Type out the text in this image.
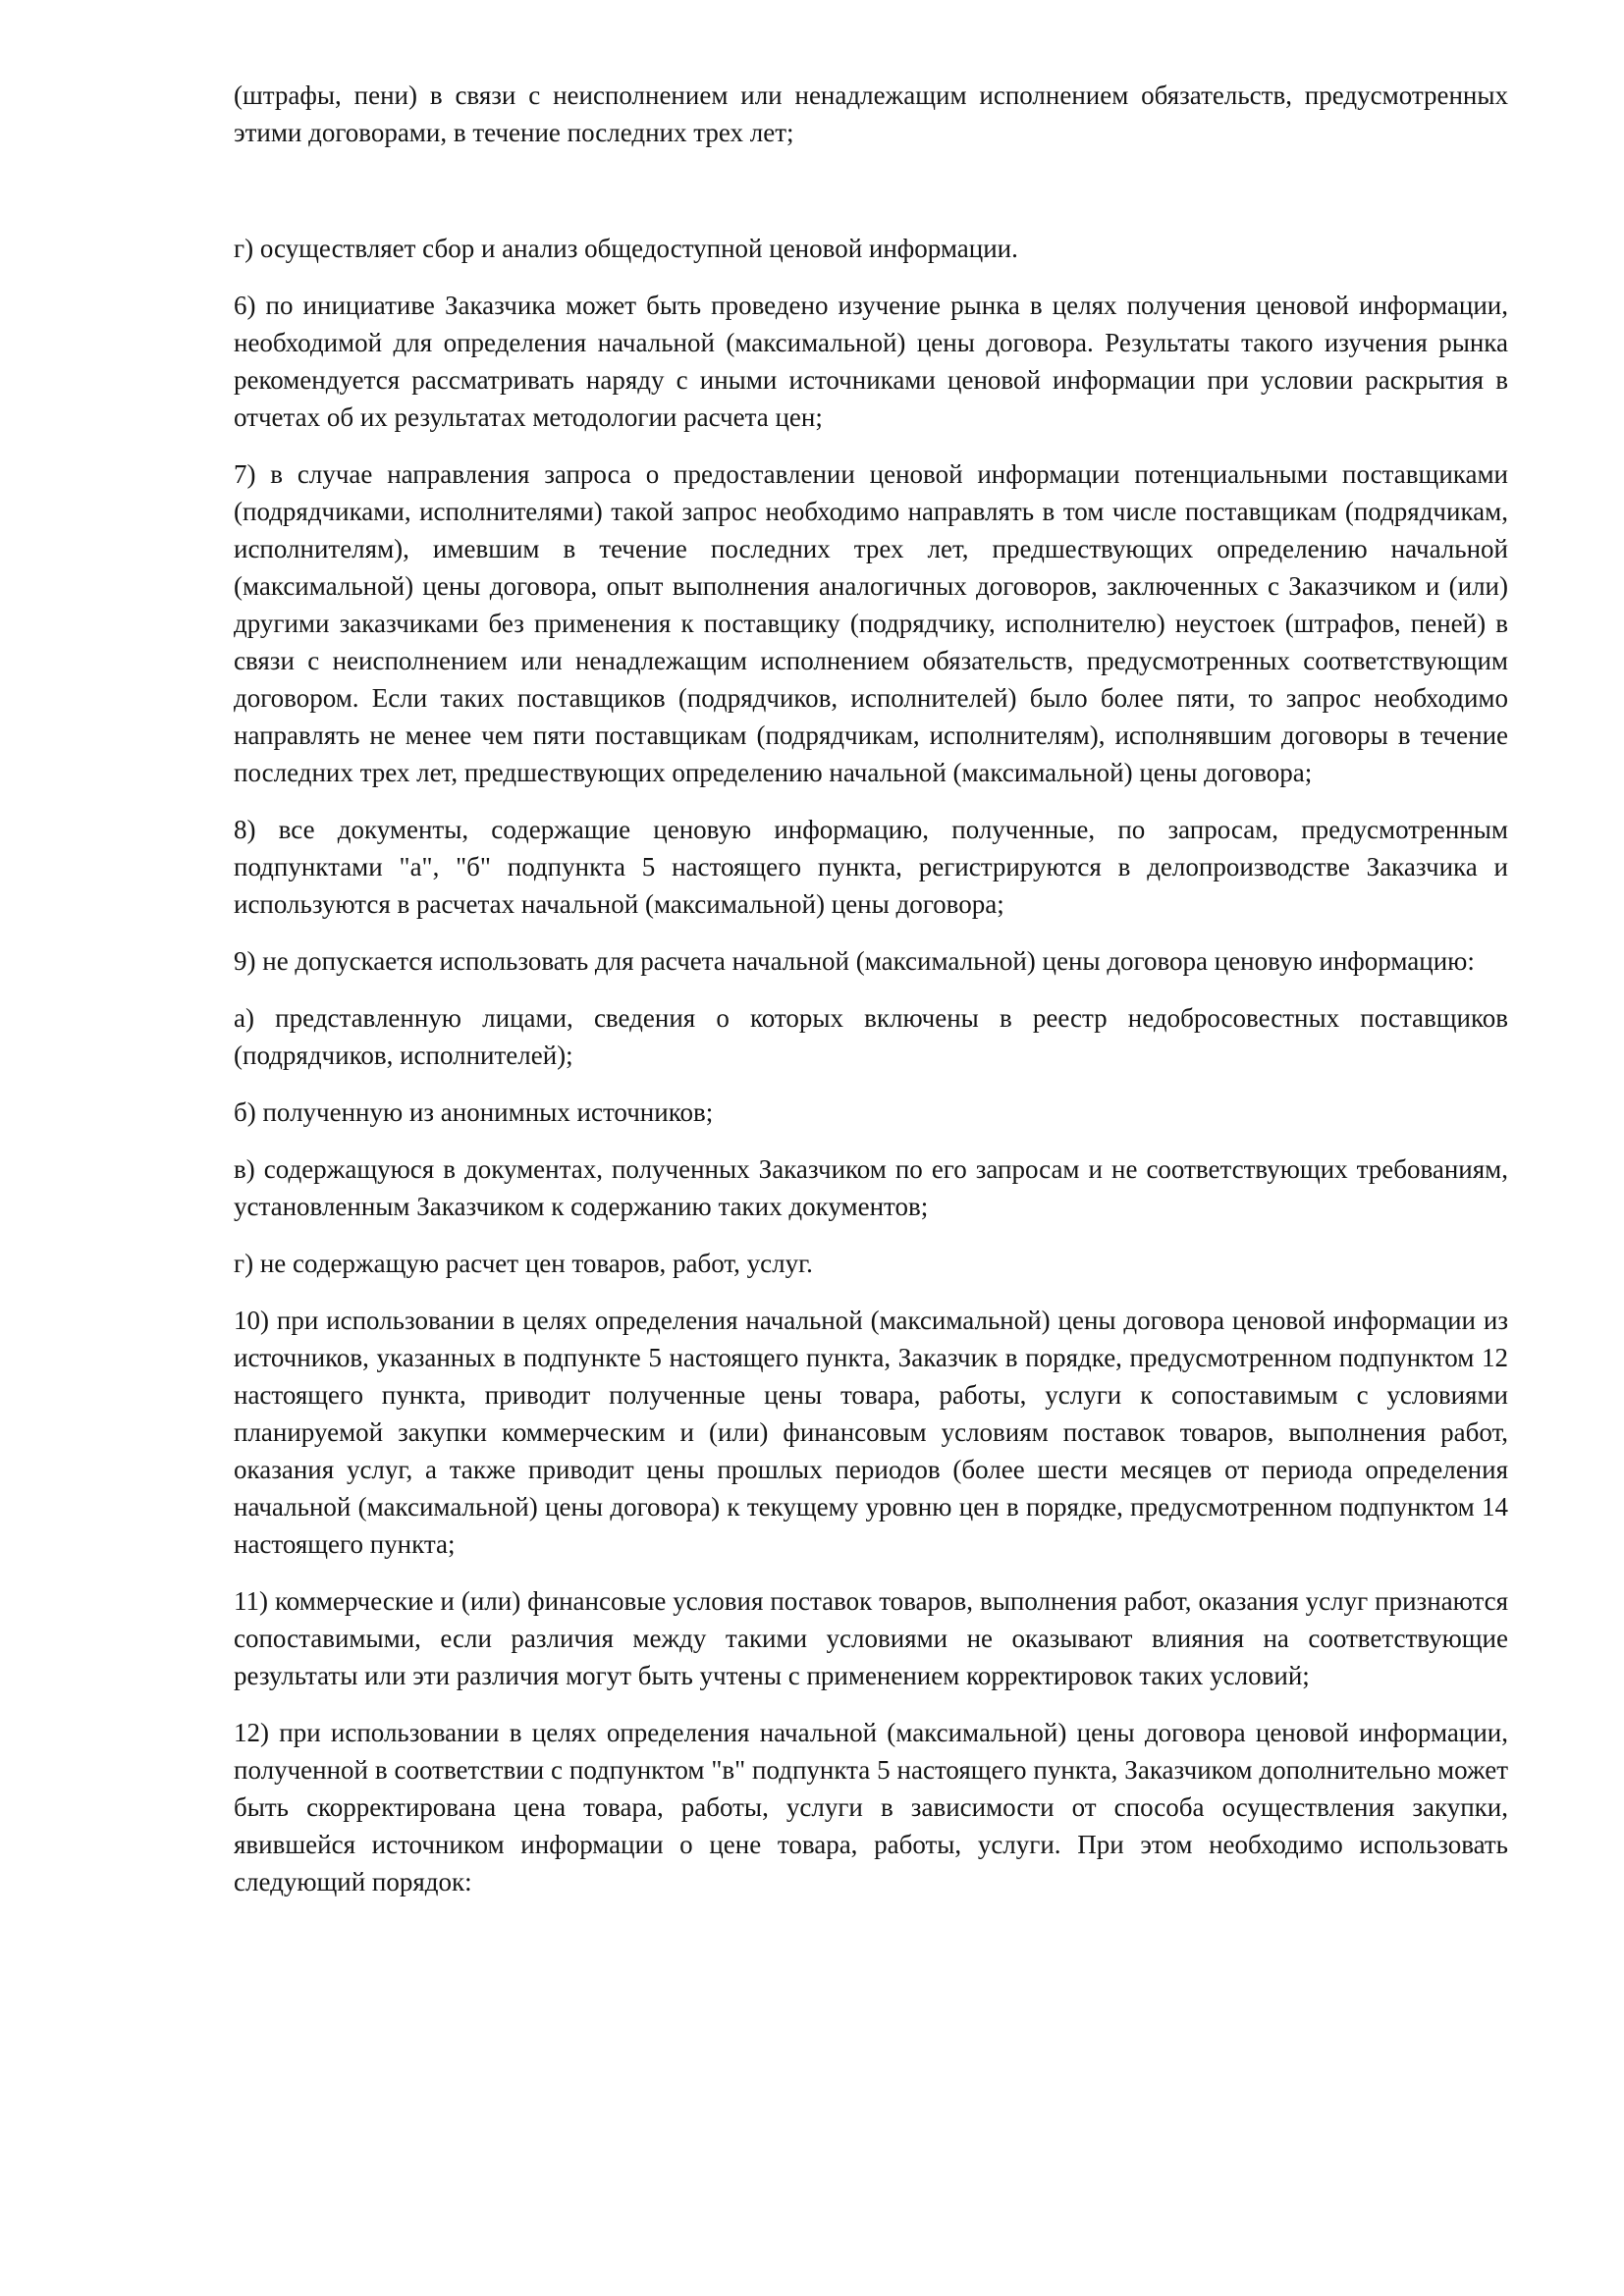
(штрафы, пени) в связи с неисполнением или ненадлежащим исполнением обязательств, предусмотренных этими договорами, в течение последних трех лет;

г) осуществляет сбор и анализ общедоступной ценовой информации.

6) по инициативе Заказчика может быть проведено изучение рынка в целях получения ценовой информации, необходимой для определения начальной (максимальной) цены договора. Результаты такого изучения рынка рекомендуется рассматривать наряду с иными источниками ценовой информации при условии раскрытия в отчетах об их результатах методологии расчета цен;

7) в случае направления запроса о предоставлении ценовой информации потенциальными поставщиками (подрядчиками, исполнителями) такой запрос необходимо направлять в том числе поставщикам (подрядчикам, исполнителям), имевшим в течение последних трех лет, предшествующих определению начальной (максимальной) цены договора, опыт выполнения аналогичных договоров, заключенных с Заказчиком и (или) другими заказчиками без применения к поставщику (подрядчику, исполнителю) неустоек (штрафов, пеней) в связи с неисполнением или ненадлежащим исполнением обязательств, предусмотренных соответствующим договором. Если таких поставщиков (подрядчиков, исполнителей) было более пяти, то запрос необходимо направлять не менее чем пяти поставщикам (подрядчикам, исполнителям), исполнявшим договоры в течение последних трех лет, предшествующих определению начальной (максимальной) цены договора;

8) все документы, содержащие ценовую информацию, полученные, по запросам, предусмотренным подпунктами "а", "б" подпункта 5 настоящего пункта, регистрируются в делопроизводстве Заказчика и используются в расчетах начальной (максимальной) цены договора;

9) не допускается использовать для расчета начальной (максимальной) цены договора ценовую информацию:

а) представленную лицами, сведения о которых включены в реестр недобросовестных поставщиков (подрядчиков, исполнителей);

б) полученную из анонимных источников;

в) содержащуюся в документах, полученных Заказчиком по его запросам и не соответствующих требованиям, установленным Заказчиком к содержанию таких документов;

г) не содержащую расчет цен товаров, работ, услуг.

10) при использовании в целях определения начальной (максимальной) цены договора ценовой информации из источников, указанных в подпункте 5 настоящего пункта, Заказчик в порядке, предусмотренном подпунктом 12 настоящего пункта, приводит полученные цены товара, работы, услуги к сопоставимым с условиями планируемой закупки коммерческим и (или) финансовым условиям поставок товаров, выполнения работ, оказания услуг, а также приводит цены прошлых периодов (более шести месяцев от периода определения начальной (максимальной) цены договора) к текущему уровню цен в порядке, предусмотренном подпунктом 14 настоящего пункта;

11) коммерческие и (или) финансовые условия поставок товаров, выполнения работ, оказания услуг признаются сопоставимыми, если различия между такими условиями не оказывают влияния на соответствующие результаты или эти различия могут быть учтены с применением корректировок таких условий;

12) при использовании в целях определения начальной (максимальной) цены договора ценовой информации, полученной в соответствии с подпунктом "в" подпункта 5 настоящего пункта, Заказчиком дополнительно может быть скорректирована цена товара, работы, услуги в зависимости от способа осуществления закупки, явившейся источником информации о цене товара, работы, услуги. При этом необходимо использовать следующий порядок:
